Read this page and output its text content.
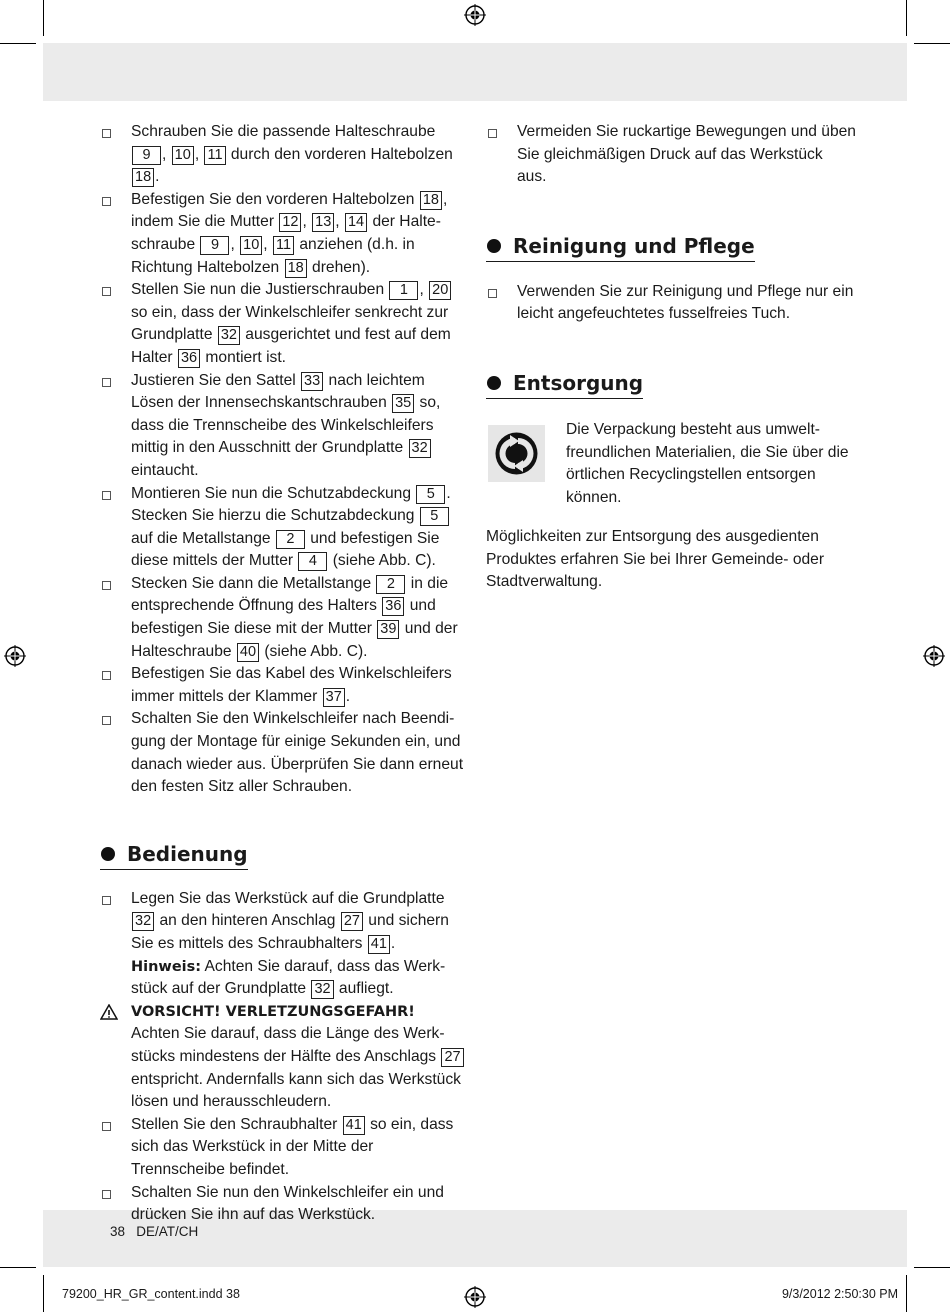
Schrauben Sie die passende Halteschraube 9 , 10 , 11 durch den vorderen Haltebolzen 18 .
Befestigen Sie den vorderen Haltebolzen 18 , indem Sie die Mutter 12 , 13 , 14 der Halteschraube 9 , 10 , 11 anziehen (d.h. in Richtung Haltebolzen 18 drehen).
Stellen Sie nun die Justierschrauben 1 , 20 so ein, dass der Winkelschleifer senkrecht zur Grundplatte 32 ausgerichtet und fest auf dem Halter 36 montiert ist.
Justieren Sie den Sattel 33 nach leichtem Lösen der Innensechskantschrauben 35 so, dass die Trennscheibe des Winkelschleifers mittig in den Ausschnitt der Grundplatte 32 eintaucht.
Montieren Sie nun die Schutzabdeckung 5 . Stecken Sie hierzu die Schutzabdeckung 5 auf die Metallstange 2 und befestigen Sie diese mittels der Mutter 4 (siehe Abb. C).
Stecken Sie dann die Metallstange 2 in die entsprechende Öffnung des Halters 36 und befestigen Sie diese mit der Mutter 39 und der Halteschraube 40 (siehe Abb. C).
Befestigen Sie das Kabel des Winkelschleifers immer mittels der Klammer 37 .
Schalten Sie den Winkelschleifer nach Beendigung der Montage für einige Sekunden ein, und danach wieder aus. Überprüfen Sie dann erneut den festen Sitz aller Schrauben.
Bedienung
Legen Sie das Werkstück auf die Grundplatte 32 an den hinteren Anschlag 27 und sichern Sie es mittels des Schraubhalters 41 .
Hinweis: Achten Sie darauf, dass das Werkstück auf der Grundplatte 32 aufliegt.
VORSICHT! VERLETZUNGSGEFAHR!
Achten Sie darauf, dass die Länge des Werkstücks mindestens der Hälfte des Anschlags 27 entspricht. Andernfalls kann sich das Werkstück lösen und herausschleudern.
Stellen Sie den Schraubhalter 41 so ein, dass sich das Werkstück in der Mitte der Trennscheibe befindet.
Schalten Sie nun den Winkelschleifer ein und drücken Sie ihn auf das Werkstück.
Vermeiden Sie ruckartige Bewegungen und üben Sie gleichmäßigen Druck auf das Werkstück aus.
Reinigung und Pflege
Verwenden Sie zur Reinigung und Pflege nur ein leicht angefeuchtetes fusselfreies Tuch.
Entsorgung
Die Verpackung besteht aus umweltfreundlichen Materialien, die Sie über die örtlichen Recyclingstellen entsorgen können.
Möglichkeiten zur Entsorgung des ausgedienten Produktes erfahren Sie bei Ihrer Gemeinde- oder Stadtverwaltung.
38 DE/AT/CH
79200_HR_GR_content.indd 38	9/3/2012 2:50:30 PM
